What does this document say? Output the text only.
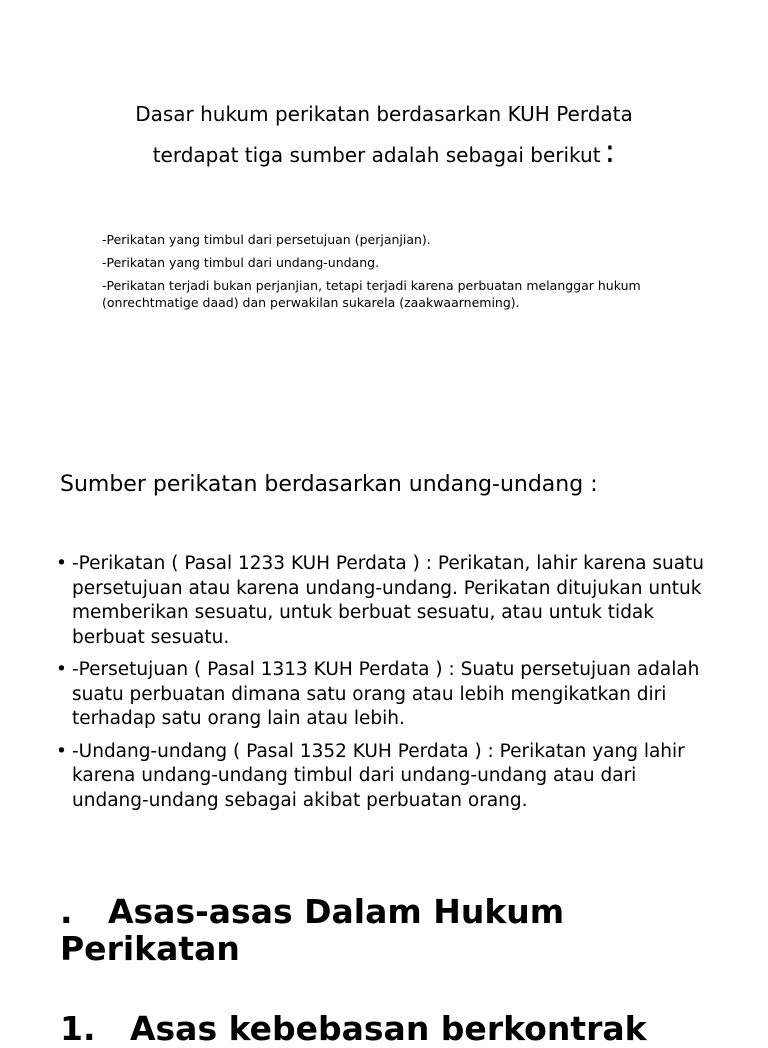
Dasar hukum perikatan berdasarkan KUH Perdata
terdapat tiga sumber adalah sebagai berikut :
-Perikatan yang timbul dari persetujuan (perjanjian).
-Perikatan yang timbul dari undang-undang.
-Perikatan terjadi bukan perjanjian, tetapi terjadi karena perbuatan melanggar hukum (onrechtmatige daad) dan perwakilan sukarela (zaakwaarneming).
Sumber perikatan berdasarkan undang-undang :
• -Perikatan ( Pasal 1233 KUH Perdata ) : Perikatan, lahir karena suatu persetujuan atau karena undang-undang. Perikatan ditujukan untuk memberikan sesuatu, untuk berbuat sesuatu, atau untuk tidak berbuat sesuatu.
• -Persetujuan ( Pasal 1313 KUH Perdata ) : Suatu persetujuan adalah suatu perbuatan dimana satu orang atau lebih mengikatkan diri terhadap satu orang lain atau lebih.
• -Undang-undang ( Pasal 1352 KUH Perdata ) : Perikatan yang lahir karena undang-undang timbul dari undang-undang atau dari undang-undang sebagai akibat perbuatan orang.
. Asas-asas Dalam Hukum Perikatan
1. Asas kebebasan berkontrak
